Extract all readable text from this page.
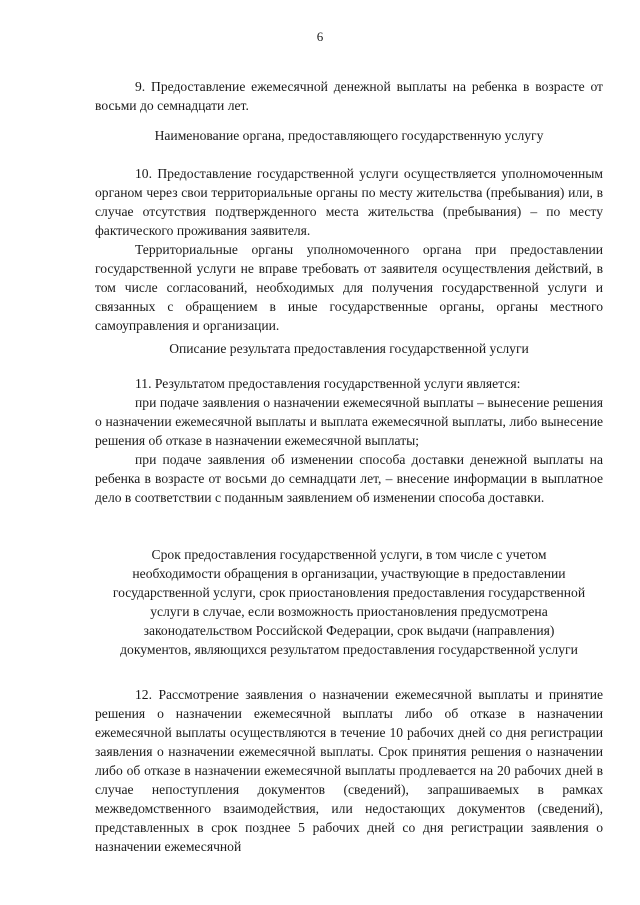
6

9. Предоставление ежемесячной денежной выплаты на ребенка в возрасте от восьми до семнадцати лет.

Наименование органа, предоставляющего государственную услугу

10. Предоставление государственной услуги осуществляется уполномоченным органом через свои территориальные органы по месту жительства (пребывания) или, в случае отсутствия подтвержденного места жительства (пребывания) – по месту фактического проживания заявителя.

Территориальные органы уполномоченного органа при предоставлении государственной услуги не вправе требовать от заявителя осуществления действий, в том числе согласований, необходимых для получения государственной услуги и связанных с обращением в иные государственные органы, органы местного самоуправления и организации.

Описание результата предоставления государственной услуги

11. Результатом предоставления государственной услуги является:

при подаче заявления о назначении ежемесячной выплаты – вынесение решения о назначении ежемесячной выплаты и выплата ежемесячной выплаты, либо вынесение решения об отказе в назначении ежемесячной выплаты;

при подаче заявления об изменении способа доставки денежной выплаты на ребенка в возрасте от восьми до семнадцати лет, – внесение информации в выплатное дело в соответствии с поданным заявлением об изменении способа доставки.

Срок предоставления государственной услуги, в том числе с учетом необходимости обращения в организации, участвующие в предоставлении государственной услуги, срок приостановления предоставления государственной услуги в случае, если возможность приостановления предусмотрена законодательством Российской Федерации, срок выдачи (направления) документов, являющихся результатом предоставления государственной услуги

12. Рассмотрение заявления о назначении ежемесячной выплаты и принятие решения о назначении ежемесячной выплаты либо об отказе в назначении ежемесячной выплаты осуществляются в течение 10 рабочих дней со дня регистрации заявления о назначении ежемесячной выплаты. Срок принятия решения о назначении либо об отказе в назначении ежемесячной выплаты продлевается на 20 рабочих дней в случае непоступления документов (сведений), запрашиваемых в рамках межведомственного взаимодействия, или недостающих документов (сведений), представленных в срок позднее 5 рабочих дней со дня регистрации заявления о назначении ежемесячной
